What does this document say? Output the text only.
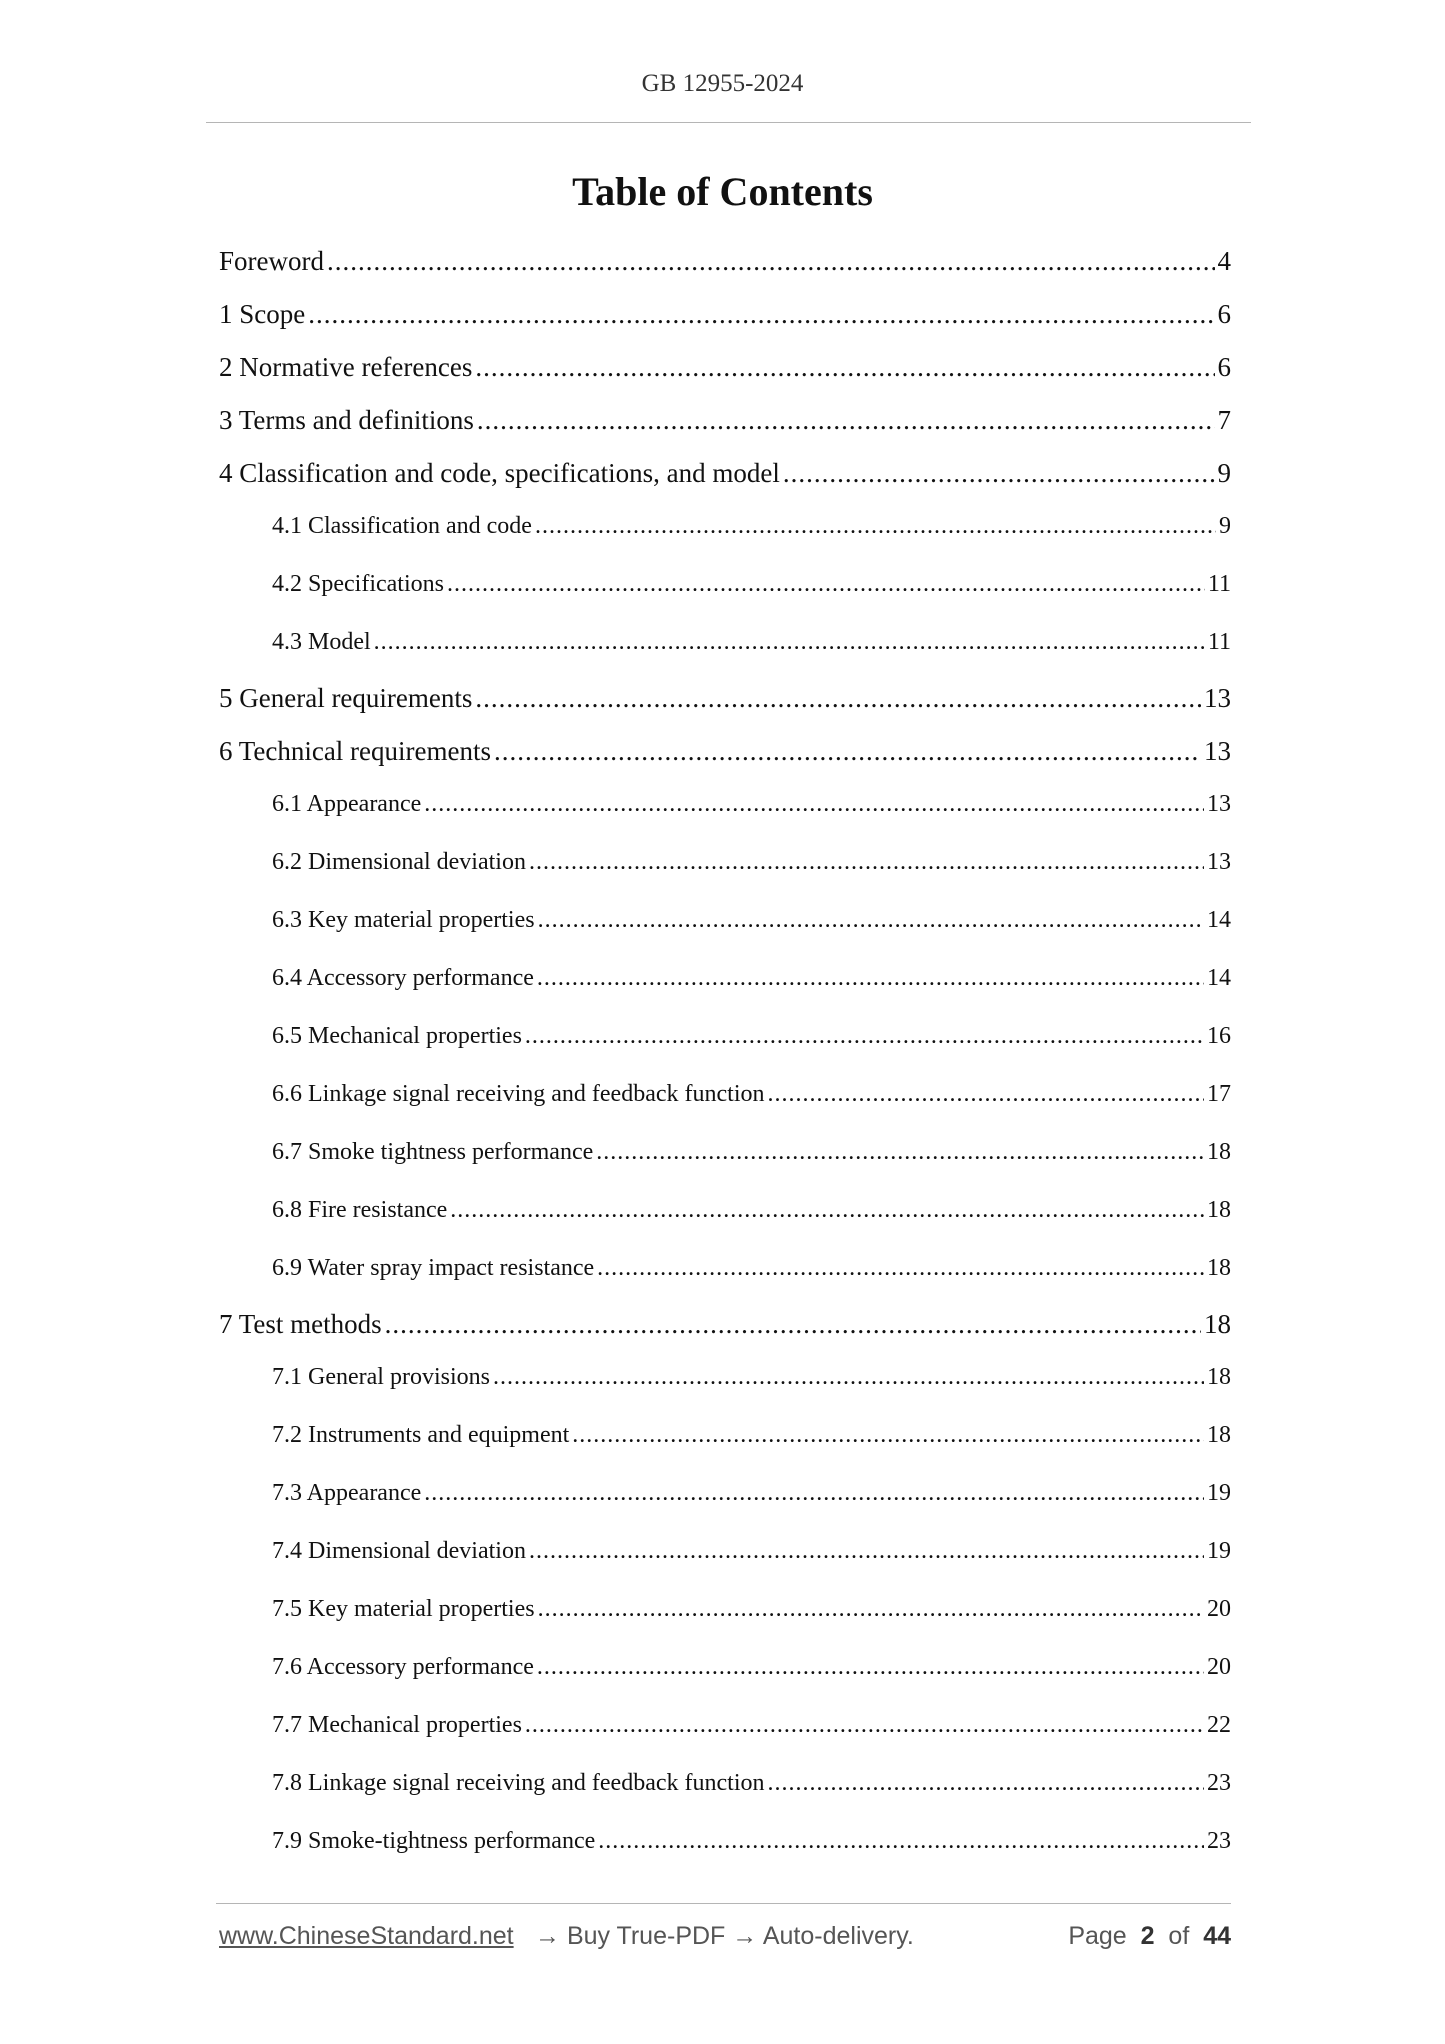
GB 12955-2024
Table of Contents
Foreword .....	4
1 Scope .....	6
2 Normative references .....	6
3 Terms and definitions .....	7
4 Classification and code, specifications, and model .....	9
4.1 Classification and code .....	9
4.2 Specifications .....	11
4.3 Model .....	11
5 General requirements .....	13
6 Technical requirements .....	13
6.1 Appearance .....	13
6.2 Dimensional deviation .....	13
6.3 Key material properties .....	14
6.4 Accessory performance .....	14
6.5 Mechanical properties .....	16
6.6 Linkage signal receiving and feedback function .....	17
6.7 Smoke tightness performance .....	18
6.8 Fire resistance .....	18
6.9 Water spray impact resistance .....	18
7 Test methods .....	18
7.1 General provisions .....	18
7.2 Instruments and equipment .....	18
7.3 Appearance .....	19
7.4 Dimensional deviation .....	19
7.5 Key material properties .....	20
7.6 Accessory performance .....	20
7.7 Mechanical properties .....	22
7.8 Linkage signal receiving and feedback function .....	23
7.9 Smoke-tightness performance .....	23
www.ChineseStandard.net → Buy True-PDF → Auto-delivery.	Page 2 of 44
